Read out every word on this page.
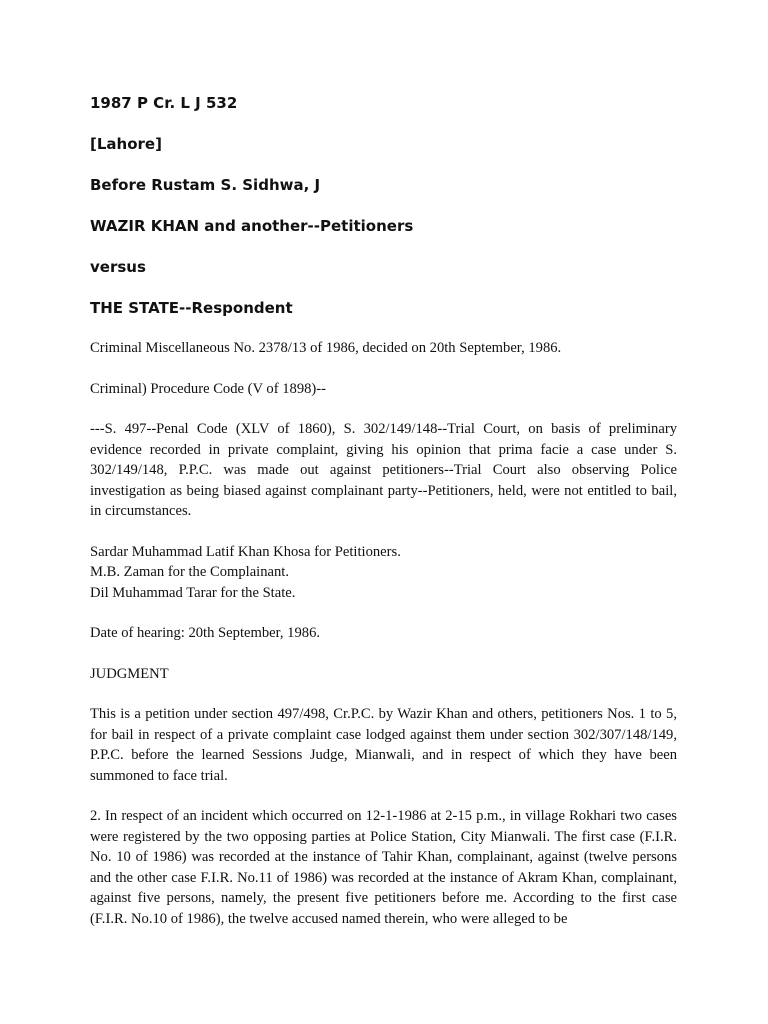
1987 P Cr. L J 532
[Lahore]
Before Rustam S. Sidhwa, J
WAZIR KHAN and another--Petitioners
versus
THE STATE--Respondent

Criminal Miscellaneous No. 2378/13 of 1986, decided on 20th September, 1986.

Criminal) Procedure Code (V of 1898)--

---S. 497--Penal Code (XLV of 1860), S. 302/149/148--Trial Court, on basis of preliminary evidence recorded in private complaint, giving his opinion that prima facie a case under S. 302/149/148, P.P.C. was made out against petitioners--Trial Court also observing Police investigation as being biased against complainant party--Petitioners, held, were not entitled to bail, in circumstances.

Sardar Muhammad Latif Khan Khosa for Petitioners.
M.B. Zaman for the Complainant.
Dil Muhammad Tarar for the State.

Date of hearing: 20th September, 1986.

JUDGMENT

This is a petition under section 497/498, Cr.P.C. by Wazir Khan and others, petitioners Nos. 1 to 5, for bail in respect of a private complaint case lodged against them under section 302/307/148/149, P.P.C. before the learned Sessions Judge, Mianwali, and in respect of which they have been summoned to face trial.

2. In respect of an incident which occurred on 12-1-1986 at 2-15 p.m., in village Rokhari two cases were registered by the two opposing parties at Police Station, City Mianwali. The first case (F.I.R. No. 10 of 1986) was recorded at the instance of Tahir Khan, complainant, against (twelve persons and the other case F.I.R. No.11 of 1986) was recorded at the instance of Akram Khan, complainant, against five persons, namely, the present five petitioners before me. According to the first case (F.I.R. No.10 of 1986), the twelve accused named therein, who were alleged to be
